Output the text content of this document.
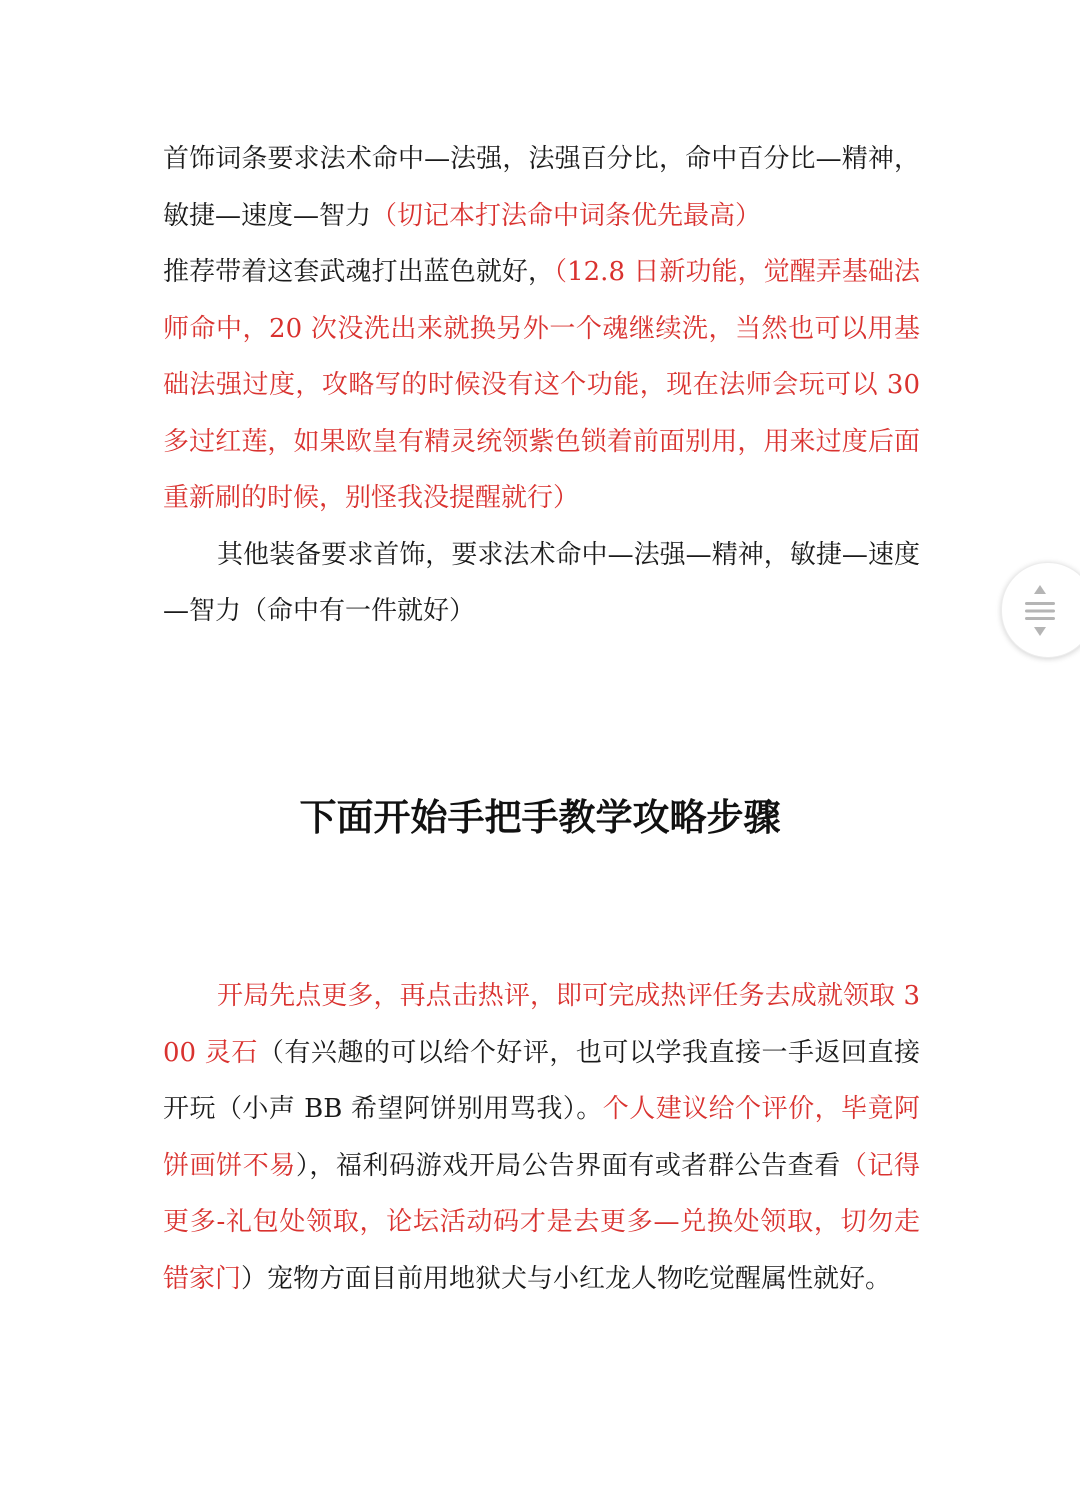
首饰词条要求法术命中—法强，法强百分比，命中百分比—精神，敏捷—速度—智力（切记本打法命中词条优先最高）

推荐带着这套武魂打出蓝色就好，（12.8 日新功能，觉醒弄基础法师命中，20 次没洗出来就换另外一个魂继续洗，当然也可以用基础法强过度，攻略写的时候没有这个功能，现在法师会玩可以 30 多过红莲，如果欧皇有精灵统领紫色锁着前面别用，用来过度后面重新刷的时候，别怪我没提醒就行）

其他装备要求首饰，要求法术命中—法强—精神，敏捷—速度—智力（命中有一件就好）

下面开始手把手教学攻略步骤

开局先点更多，再点击热评，即可完成热评任务去成就领取 300 灵石（有兴趣的可以给个好评，也可以学我直接一手返回直接开玩（小声 BB 希望阿饼别用骂我）。个人建议给个评价，毕竟阿饼画饼不易），福利码游戏开局公告界面有或者群公告查看（记得更多-礼包处领取，论坛活动码才是去更多—兑换处领取，切勿走错家门）宠物方面目前用地狱犬与小红龙人物吃觉醒属性就好。
